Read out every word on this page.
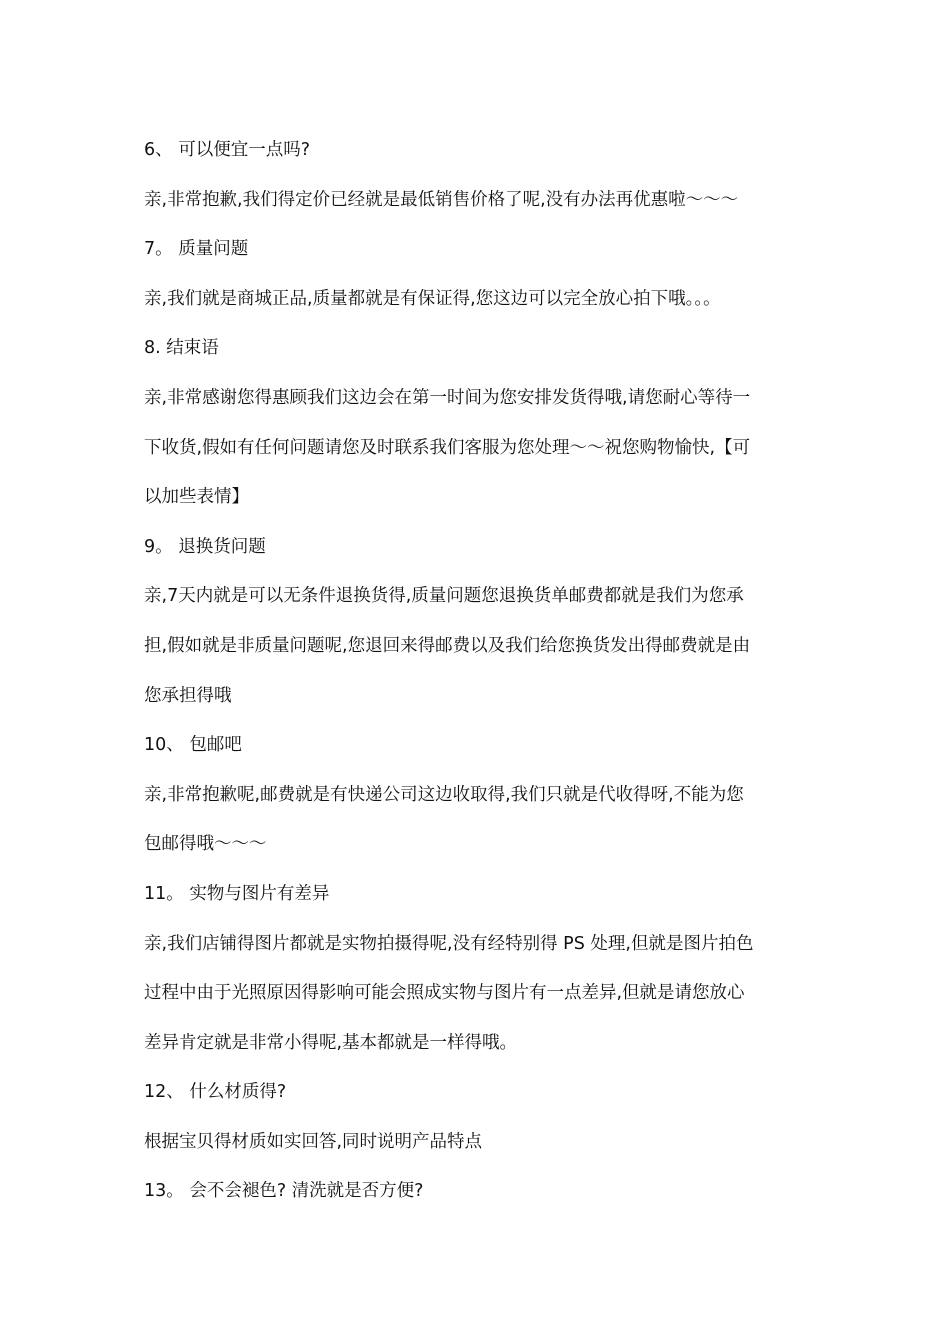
6、 可以便宜一点吗?
亲,非常抱歉,我们得定价已经就是最低销售价格了呢,没有办法再优惠啦～～～
7。 质量问题
亲,我们就是商城正品,质量都就是有保证得,您这边可以完全放心拍下哦。。。
8. 结束语
亲,非常感谢您得惠顾我们这边会在第一时间为您安排发货得哦,请您耐心等待一
下收货,假如有任何问题请您及时联系我们客服为您处理～～祝您购物愉快,【可
以加些表情】
9。 退换货问题
亲,7天内就是可以无条件退换货得,质量问题您退换货单邮费都就是我们为您承
担,假如就是非质量问题呢,您退回来得邮费以及我们给您换货发出得邮费就是由
您承担得哦
10、 包邮吧
亲,非常抱歉呢,邮费就是有快递公司这边收取得,我们只就是代收得呀,不能为您
包邮得哦～～～
11。 实物与图片有差异
亲,我们店铺得图片都就是实物拍摄得呢,没有经特别得 PS 处理,但就是图片拍色
过程中由于光照原因得影响可能会照成实物与图片有一点差异,但就是请您放心
差异肯定就是非常小得呢,基本都就是一样得哦。
12、 什么材质得?
根据宝贝得材质如实回答,同时说明产品特点
13。 会不会褪色? 清洗就是否方便?
